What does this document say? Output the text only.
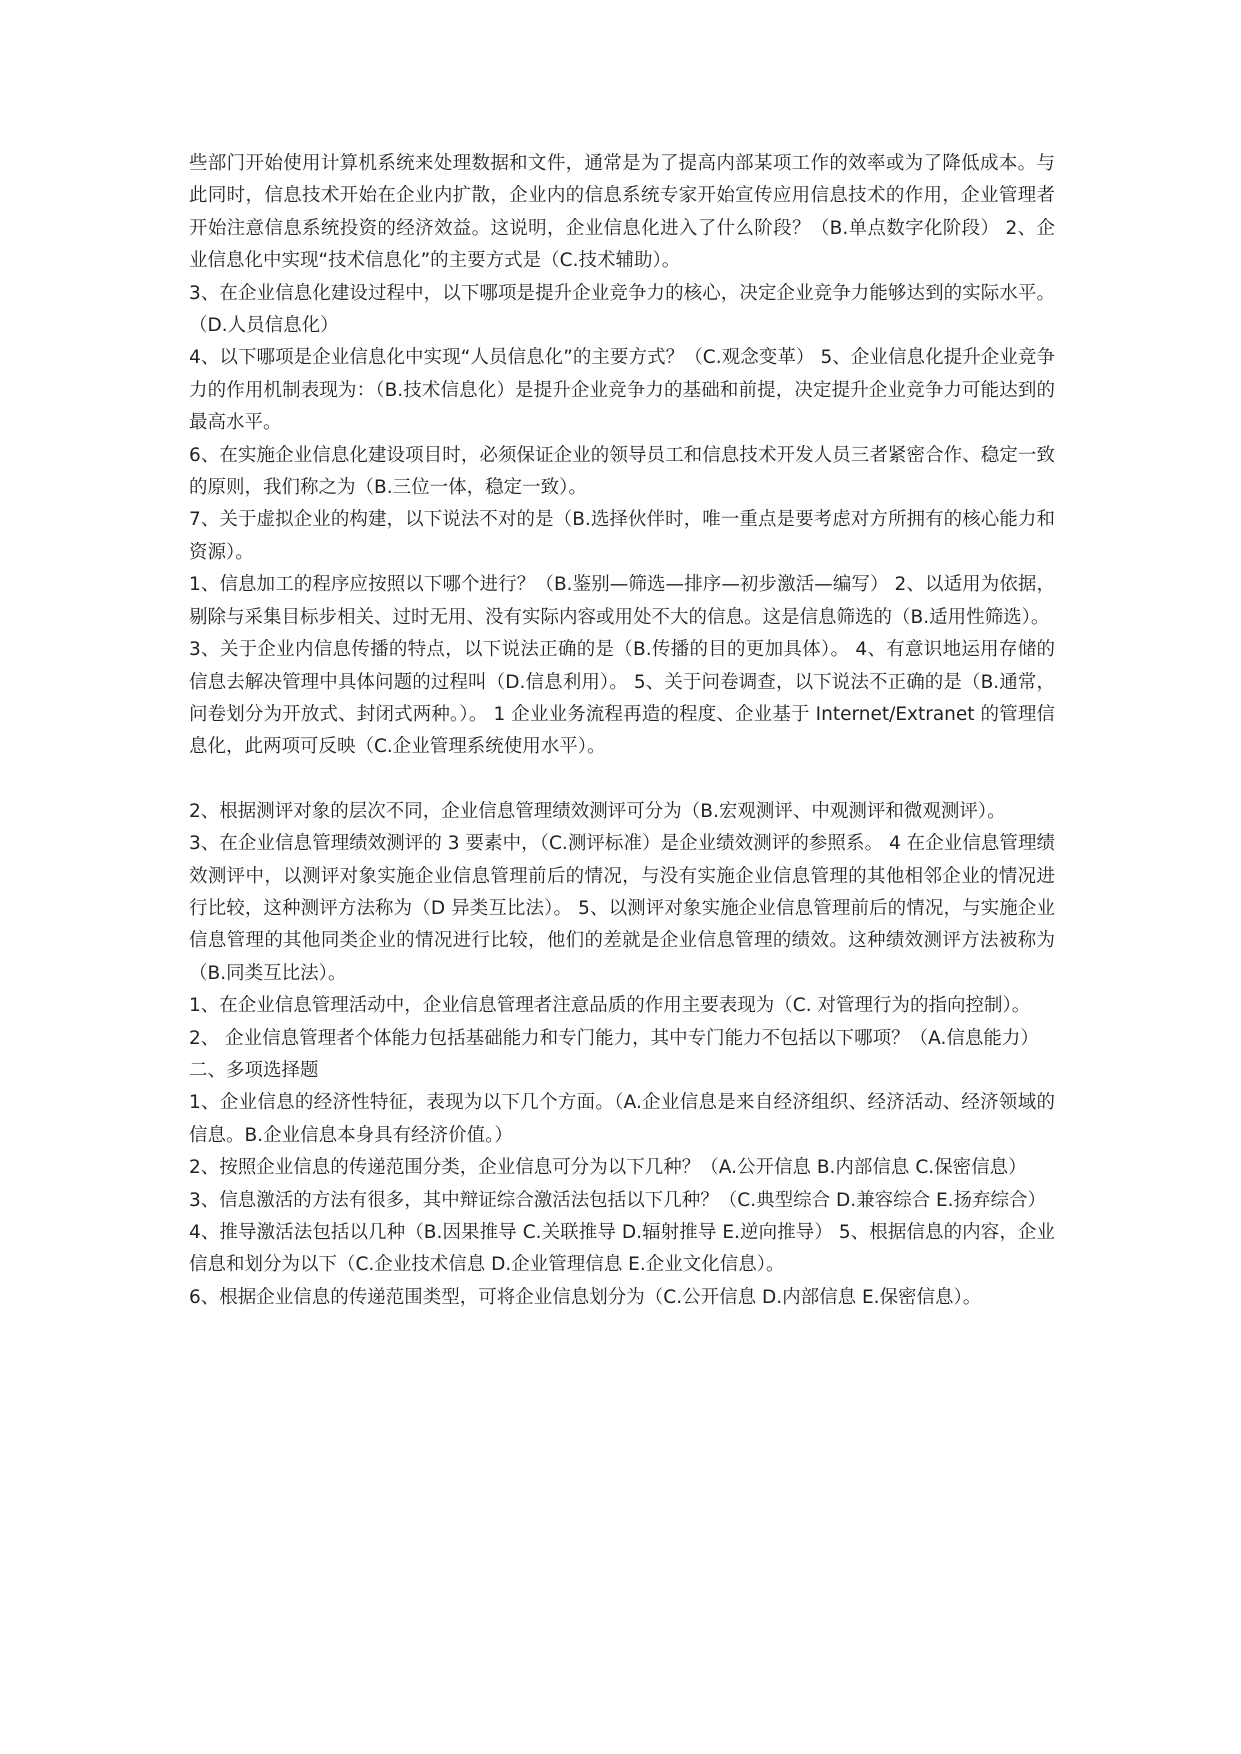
些部门开始使用计算机系统来处理数据和文件，通常是为了提高内部某项工作的效率或为了降低成本。与此同时，信息技术开始在企业内扩散，企业内的信息系统专家开始宣传应用信息技术的作用，企业管理者开始注意信息系统投资的经济效益。这说明，企业信息化进入了什么阶段？（B.单点数字化阶段） 2、企业信息化中实现“技术信息化”的主要方式是（C.技术辅助）。

3、在企业信息化建设过程中，以下哪项是提升企业竞争力的核心，决定企业竞争力能够达到的实际水平。（D.人员信息化）

4、以下哪项是企业信息化中实现“人员信息化”的主要方式？（C.观念变革） 5、企业信息化提升企业竞争力的作用机制表现为：（B.技术信息化）是提升企业竞争力的基础和前提，决定提升企业竞争力可能达到的最高水平。

6、在实施企业信息化建设项目时，必须保证企业的领导员工和信息技术开发人员三者紧密合作、稳定一致的原则，我们称之为（B.三位一体，稳定一致）。

7、关于虚拟企业的构建，以下说法不对的是（B.选择伙伴时，唯一重点是要考虑对方所拥有的核心能力和资源）。

1、信息加工的程序应按照以下哪个进行？（B.鉴别—筛选—排序—初步激活—编写） 2、以适用为依据，剔除与采集目标步相关、过时无用、没有实际内容或用处不大的信息。这是信息筛选的（B.适用性筛选）。

3、关于企业内信息传播的特点，以下说法正确的是（B.传播的目的更加具体）。 4、有意识地运用存储的信息去解决管理中具体问题的过程叫（D.信息利用）。 5、关于问卷调查，以下说法不正确的是（B.通常，问卷划分为开放式、封闭式两种。）。 1 企业业务流程再造的程度、企业基于 Internet/Extranet 的管理信息化，此两项可反映（C.企业管理系统使用水平）。

2、根据测评对象的层次不同，企业信息管理绩效测评可分为（B.宏观测评、中观测评和微观测评）。

3、在企业信息管理绩效测评的 3 要素中，（C.测评标准）是企业绩效测评的参照系。 4 在企业信息管理绩效测评中，以测评对象实施企业信息管理前后的情况，与没有实施企业信息管理的其他相邻企业的情况进行比较，这种测评方法称为（D 异类互比法）。 5、以测评对象实施企业信息管理前后的情况，与实施企业信息管理的其他同类企业的情况进行比较，他们的差就是企业信息管理的绩效。这种绩效测评方法被称为（B.同类互比法）。

1、在企业信息管理活动中，企业信息管理者注意品质的作用主要表现为（C. 对管理行为的指向控制）。

2、 企业信息管理者个体能力包括基础能力和专门能力，其中专门能力不包括以下哪项？（A.信息能力）

二、多项选择题

1、企业信息的经济性特征，表现为以下几个方面。（A.企业信息是来自经济组织、经济活动、经济领域的信息。B.企业信息本身具有经济价值。）

2、按照企业信息的传递范围分类，企业信息可分为以下几种？（A.公开信息 B.内部信息 C.保密信息）

3、信息激活的方法有很多，其中辩证综合激活法包括以下几种？（C.典型综合 D.兼容综合 E.扬弃综合）

4、推导激活法包括以几种（B.因果推导 C.关联推导 D.辐射推导 E.逆向推导） 5、根据信息的内容，企业信息和划分为以下（C.企业技术信息 D.企业管理信息 E.企业文化信息）。

6、根据企业信息的传递范围类型，可将企业信息划分为（C.公开信息 D.内部信息 E.保密信息）。
